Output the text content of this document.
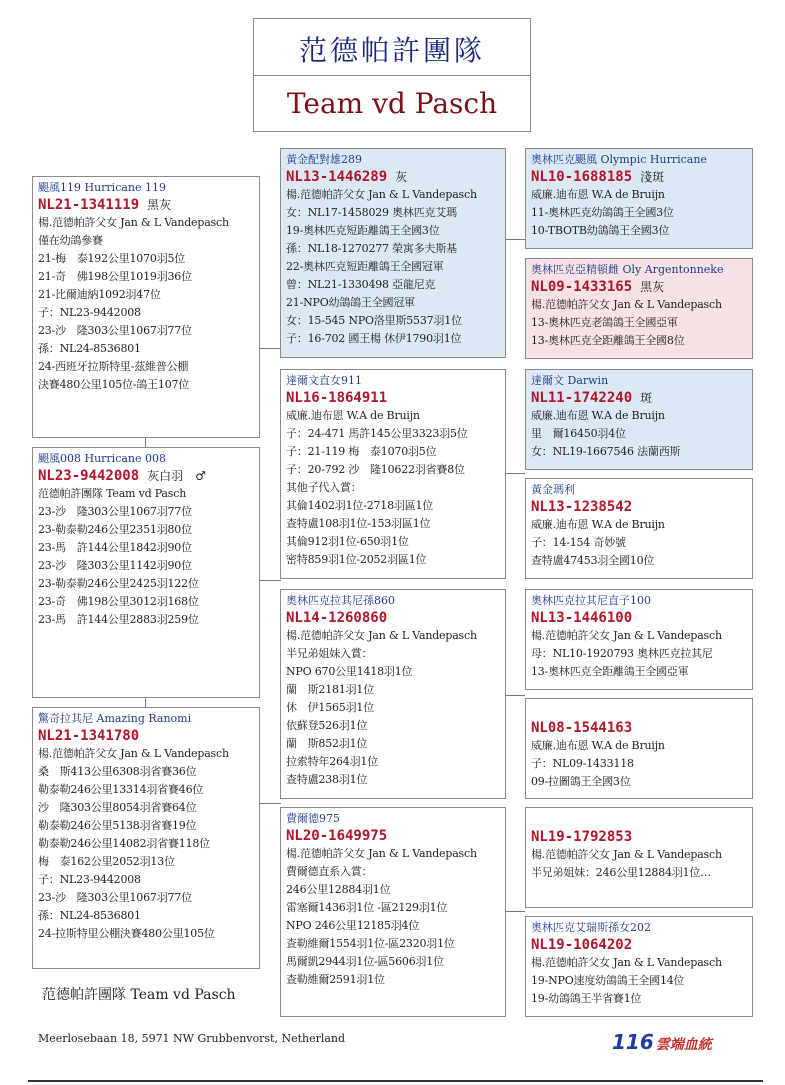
范德帕許團隊
Team vd Pasch
颶風119 Hurricane 119
NL21-1341119 黑灰
楊.范德帕許父女 Jan & L Vandepasch
僅在幼鴿參賽
21-梅　泰192公里1070羽5位
21-奇　佛198公里1019羽36位
21-比爾迪納1092羽47位
子：NL23-9442008
23-沙　隆303公里1067羽77位
孫：NL24-8536801
24-西班牙拉斯特里-茲維普公棚
決賽480公里105位-鴿王107位
颶風008 Hurricane 008
NL23-9442008 灰白羽　♂
范德帕許團隊 Team vd Pasch
23-沙　隆303公里1067羽77位
23-勒泰勒246公里2351羽80位
23-馬　許144公里1842羽90位
23-沙　隆303公里1142羽90位
23-勒泰勒246公里2425羽122位
23-奇　佛198公里3012羽168位
23-馬　許144公里2883羽259位
驚奇拉其尼 Amazing Ranomi
NL21-1341780
楊.范德帕許父女 Jan & L Vandepasch
桑　斯413公里6308羽省賽36位
勒泰勒246公里13314羽省賽46位
沙　隆303公里8054羽省賽64位
勒泰勒246公里5138羽省賽19位
勒泰勒246公里14082羽省賽118位
梅　泰162公里2052羽13位
子：NL23-9442008
23-沙　隆303公里1067羽77位
孫：NL24-8536801
24-拉斯特里公棚決賽480公里105位
黃金配對雄289
NL13-1446289 灰
楊.范德帕許父女 Jan & L Vandepasch
女：NL17-1458029 奧林匹克艾瑪
19-奧林匹克短距離鴿王全國3位
孫：NL18-1270277 榮寓多夫斯基
22-奧林匹克短距離鴿王全國冠軍
曾：NL21-1330498 亞龍尼克
21-NPO幼鴿鴿王全國冠軍
女：15-545 NPO洛里斯5537羽1位
子：16-702 國王楊 休伊1790羽1位
達爾文直女911
NL16-1864911
威廉.迪布恩 W.A de Bruijn
子：24-471 馬許145公里3323羽5位
子：21-119 梅　泰1070羽5位
子：20-792 沙　隆10622羽省賽8位
其他子代入賞：
其倫1402羽1位-2718羽區1位
查特盧108羽1位-153羽區1位
其倫912羽1位-650羽1位
密特859羽1位-2052羽區1位
奧林匹克拉其尼孫860
NL14-1260860
楊.范德帕許父女 Jan & L Vandepasch
半兄弟姐妹入賞：
NPO 670公里1418羽1位
蘭　斯2181羽1位
休　伊1565羽1位
依蘇登526羽1位
蘭　斯852羽1位
拉索特年264羽1位
查特盧238羽1位
費爾德975
NL20-1649975
楊.范德帕許父女 Jan & L Vandepasch
費爾德直系入賞：
246公里12884羽1位
雷塞爾1436羽1位 -區2129羽1位
NPO 246公里12185羽4位
查勒維爾1554羽1位-區2320羽1位
馬爾凱2944羽1位-區5606羽1位
查勒維爾2591羽1位
奧林匹克颶風 Olympic Hurricane
NL10-1688185 淺斑
威廉.迪布恩 W.A de Bruijn
11-奧林匹克幼鴿鴿王全國3位
10-TBOTB幼鴿鴿王全國3位
奧林匹克亞精頓雌 Oly Argentonneke
NL09-1433165 黑灰
楊.范德帕許父女 Jan & L Vandepasch
13-奧林匹克老鴿鴿王全國亞軍
13-奧林匹克全距離鴿王全國8位
達爾文 Darwin
NL11-1742240 斑
威廉.迪布恩 W.A de Bruijn
里　爾16450羽4位
女：NL19-1667546 法蘭西斯
黃金瑪利
NL13-1238542
威廉.迪布恩 W.A de Bruijn
子：14-154 奇妙號
查特盧47453羽全國10位
奧林匹克拉其尼直子100
NL13-1446100
楊.范德帕許父女 Jan & L Vandepasch
母：NL10-1920793 奧林匹克拉其尼
13-奧林匹克全距離鴿王全國亞軍
NL08-1544163
威廉.迪布恩 W.A de Bruijn
子：NL09-1433118
09-拉圖鴿王全國3位
NL19-1792853
楊.范德帕許父女 Jan & L Vandepasch
半兄弟姐妹：246公里12884羽1位…
奧林匹克艾瑞斯孫女202
NL19-1064202
楊.范德帕許父女 Jan & L Vandepasch
19-NPO速度幼鴿鴿王全國14位
19-幼鴿鴿王半省賽1位
范德帕許團隊 Team vd Pasch
Meerlosebaan 18, 5971 NW Grubbenvorst, Netherland	116 雲端血統
